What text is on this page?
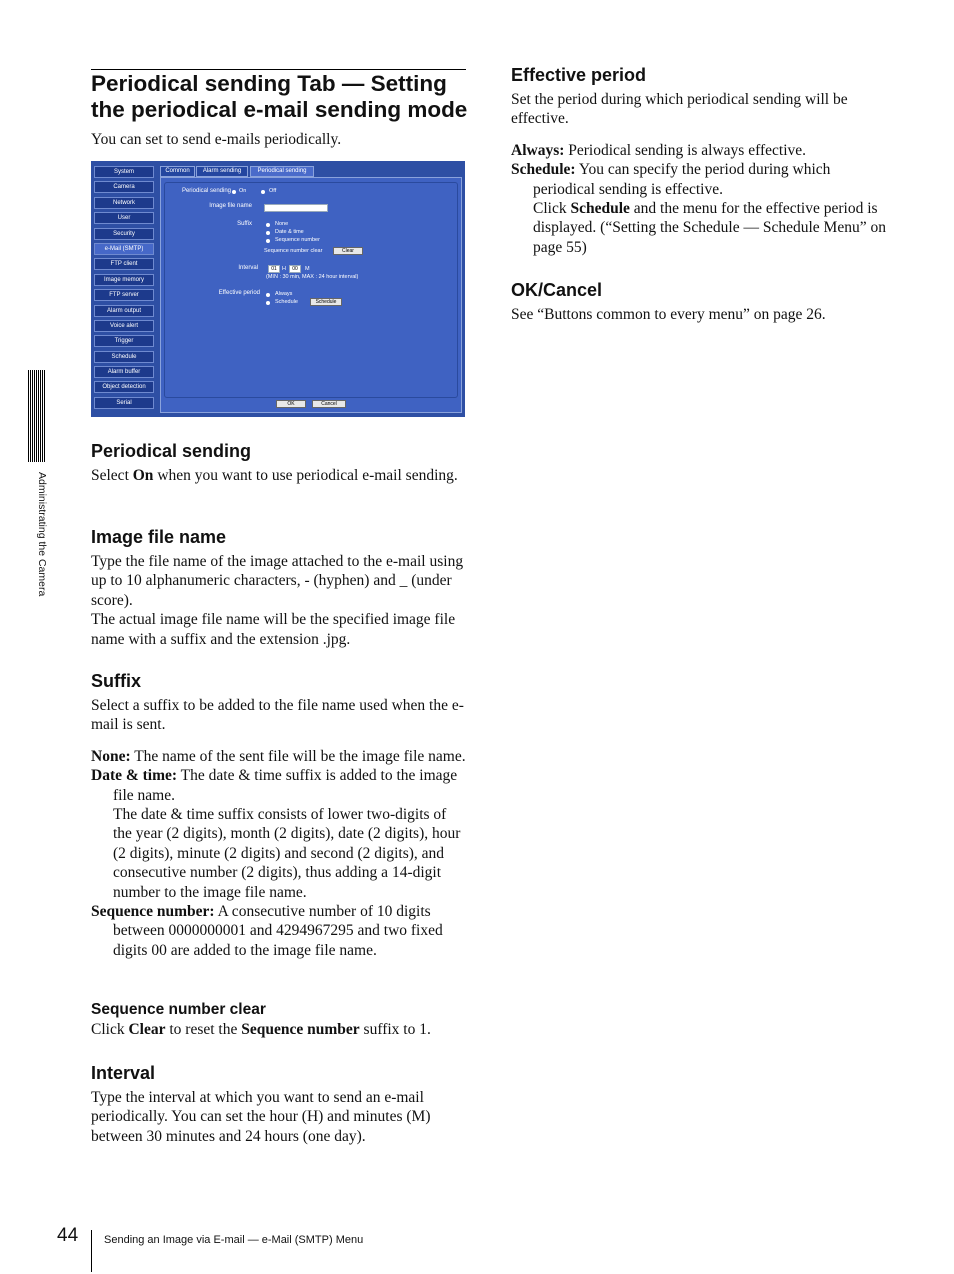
Periodical sending Tab — Setting the periodical e-mail sending mode

You can set to send e-mails periodically.

System
Camera
Network
User
Security
e-Mail (SMTP)
FTP client
Image memory
FTP server
Alarm output
Voice alert
Trigger
Schedule
Alarm buffer
Object detection
Serial
Common	Alarm sending	Periodical sending
Periodical sending On	Off
Image file name
Suffix	None
Date & time
Sequence number
Sequence number clear	Clear
Interval	01 H	00	M
(MIN : 30 min, MAX : 24 hour interval)
Effective period	Always
Schedule	Schedule
OK	Cancel
Periodical sending
Select On when you want to use periodical e-mail sending.
Image file name

Type the file name of the image attached to the e-mail using up to 10 alphanumeric characters, - (hyphen) and _ (under score).

The actual image file name will be the specified image file name with a suffix and the extension .jpg.

Suffix

Select a suffix to be added to the file name used when the e-mail is sent.

None: The name of the sent file will be the image file name.

Date & time: The date & time suffix is added to the image file name.

The date & time suffix consists of lower two-digits of the year (2 digits), month (2 digits), date (2 digits), hour (2 digits), minute (2 digits) and second (2 digits), and consecutive number (2 digits), thus adding a 14-digit number to the image file name.

Sequence number: A consecutive number of 10 digits between 0000000001 and 4294967295 and two fixed digits 00 are added to the image file name.

Sequence number clear
Click Clear to reset the Sequence number suffix to 1.
Interval
Type the interval at which you want to send an e-mail periodically. You can set the hour (H) and minutes (M) between 30 minutes and 24 hours (one day).
Effective period

Set the period during which periodical sending will be effective.

Always: Periodical sending is always effective.

Schedule: You can specify the period during which periodical sending is effective.

Click Schedule and the menu for the effective period is displayed. (“Setting the Schedule — Schedule Menu” on page 55)

OK/Cancel
See “Buttons common to every menu” on page 26.
Administrating the Camera
44 Sending an Image via E-mail — e-Mail (SMTP) Menu
